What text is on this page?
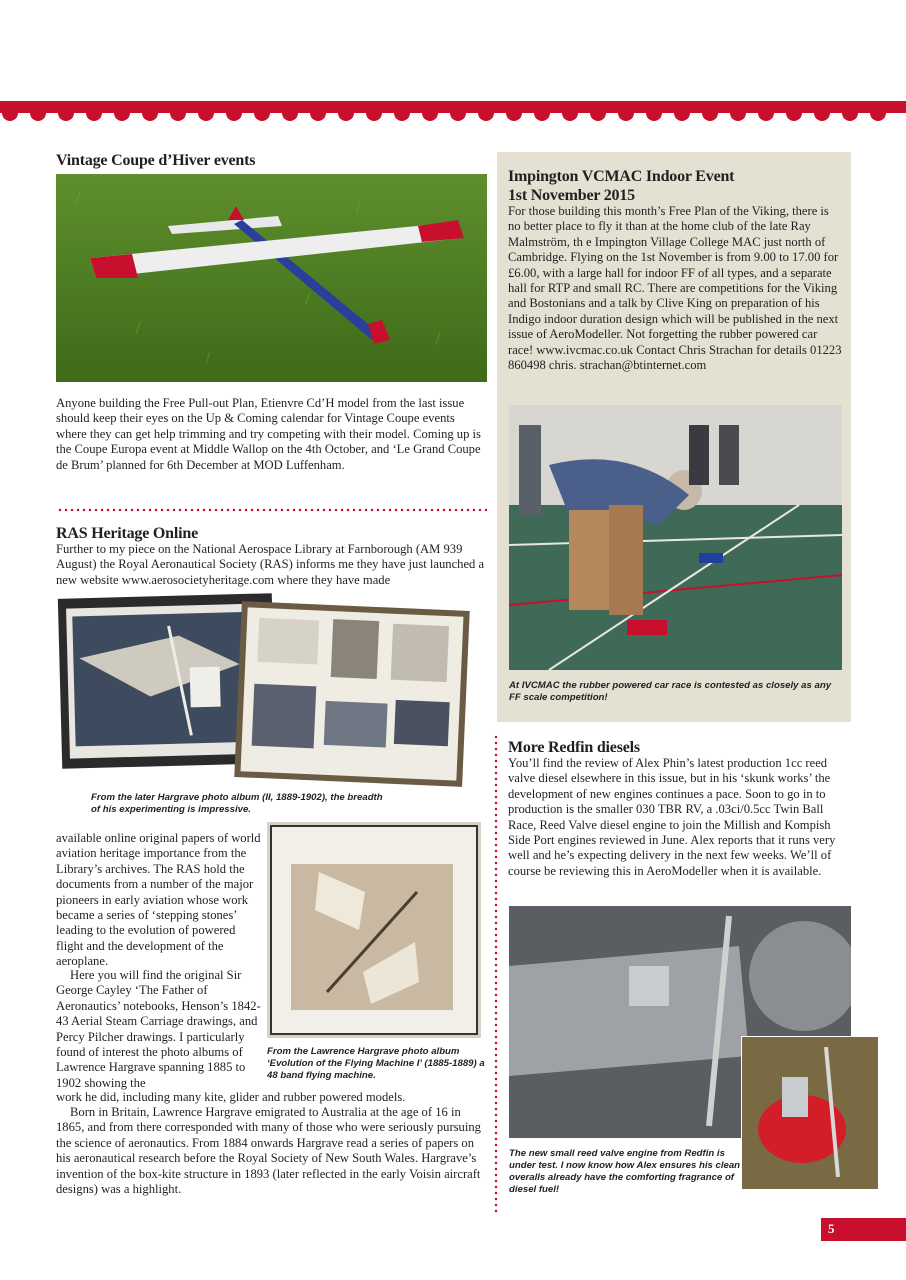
Vintage Coupe d’Hiver events

Anyone building the Free Pull-out Plan, Etienvre Cd’H model from the last issue should keep their eyes on the Up & Coming calendar for Vintage Coupe events where they can get help trimming and try competing with their model. Coming up is the Coupe Europa event at Middle Wallop on the 4th October, and ‘Le Grand Coupe de Brum’ planned for 6th December at MOD Luffenham.

RAS Heritage Online

Further to my piece on the National Aerospace Library at Farnborough (AM 939 August) the Royal Aeronautical Society (RAS) informs me they have just launched a new website www.aerosocietyheritage.com where they have made

From the later Hargrave photo album (II, 1889-1902), the breadth of his experimenting is impressive.

available online original papers of world aviation heritage importance from the Library’s archives. The RAS hold the documents from a number of the major pioneers in early aviation whose work became a series of ‘stepping stones’ leading to the evolution of powered flight and the development of the aeroplane.

Here you will find the original Sir George Cayley ‘The Father of Aeronautics’ notebooks, Henson’s 1842-43 Aerial Steam Carriage drawings, and Percy Pilcher drawings. I particularly found of interest the photo albums of Lawrence Hargrave spanning 1885 to 1902 showing the

From the Lawrence Hargrave photo album ‘Evolution of the Flying Machine I’ (1885-1889) a 48 band flying machine.

work he did, including many kite, glider and rubber powered models.

Born in Britain, Lawrence Hargrave emigrated to Australia at the age of 16 in 1865, and from there corresponded with many of those who were seriously pursuing the science of aeronautics. From 1884 onwards Hargrave read a series of papers on his aeronautical research before the Royal Society of New South Wales. Hargrave’s invention of the box-kite structure in 1893 (later reflected in the early Voisin aircraft designs) was a highlight.

Impington VCMAC Indoor Event
1st November 2015

For those building this month’s Free Plan of the Viking, there is no better place to fly it than at the home club of the late Ray Malmström, th e Impington Village College MAC just north of Cambridge. Flying on the 1st November is from 9.00 to 17.00 for £6.00, with a large hall for indoor FF of all types, and a separate hall for RTP and small RC. There are competitions for the Viking and Bostonians and a talk by Clive King on preparation of his Indigo indoor duration design which will be published in the next issue of AeroModeller. Not forgetting the rubber powered car race! www.ivcmac.co.uk Contact Chris Strachan for details 01223 860498 chris. strachan@btinternet.com

At IVCMAC the rubber powered car race is contested as closely as any FF scale competition!

More Redfin diesels

You’ll find the review of Alex Phin’s latest production 1cc reed valve diesel elsewhere in this issue, but in his ‘skunk works’ the development of new engines continues a pace. Soon to go in to production is the smaller 030 TBR RV, a .03ci/0.5cc Twin Ball Race, Reed Valve diesel engine to join the Millish and Kompish Side Port engines reviewed in June. Alex reports that it runs very well and he’s expecting delivery in the next few weeks. We’ll of course be reviewing this in AeroModeller when it is available.

The new small reed valve engine from Redfin is under test. I now know how Alex ensures his clean overalls already have the comforting fragrance of diesel fuel!

5
